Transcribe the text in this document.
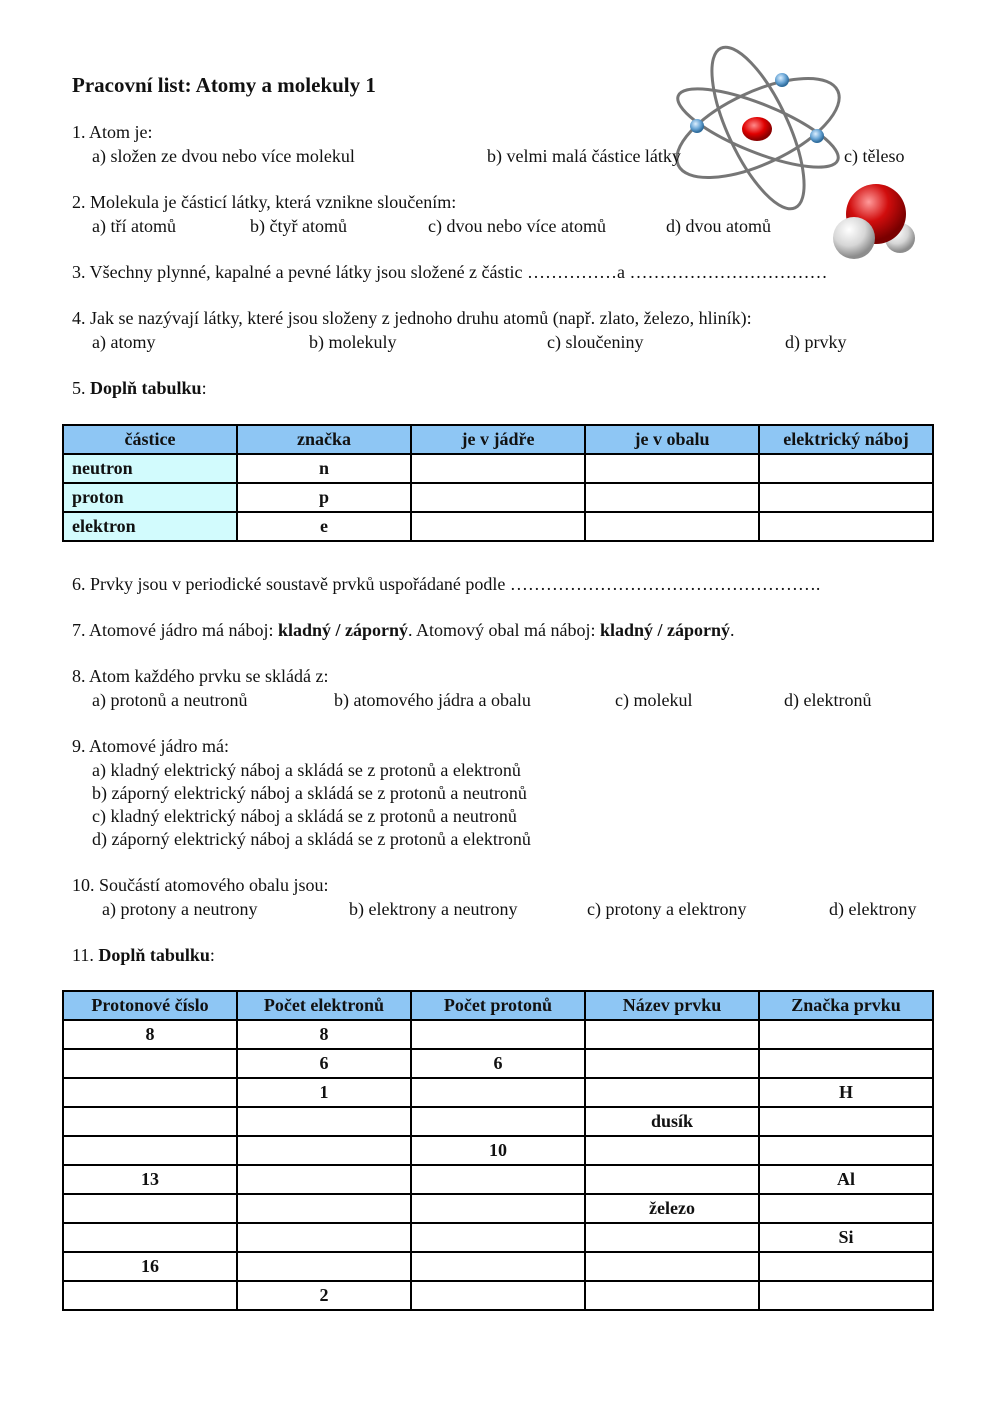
Pracovní list: Atomy a molekuly 1
1. Atom je:
a) složen ze dvou nebo více molekul	b) velmi malá částice látky	c) těleso
2. Molekula je částicí látky, která vznikne sloučením:
a) tří atomů	b) čtyř atomů	c) dvou nebo více atomů	d) dvou atomů
3. Všechny plynné, kapalné a pevné látky jsou složené z částic ……………a ……………………………
4. Jak se nazývají látky, které jsou složeny z jednoho druhu atomů (např. zlato, železo, hliník):
a) atomy	b) molekuly	c) sloučeniny	d) prvky
5. Doplň tabulku:
částice	značka	je v jádře	je v obalu	elektrický náboj
neutron	n			
proton	p			
elektron	e			
6. Prvky jsou v periodické soustavě prvků uspořádané podle …………………………………………….
7. Atomové jádro má náboj: kladný / záporný. Atomový obal má náboj: kladný / záporný.
8. Atom každého prvku se skládá z:
a) protonů a neutronů	b) atomového jádra a obalu	c) molekul	d) elektronů
9. Atomové jádro má:
a) kladný elektrický náboj a skládá se z protonů a elektronů
b) záporný elektrický náboj a skládá se z protonů a neutronů
c) kladný elektrický náboj a skládá se z protonů a neutronů
d) záporný elektrický náboj a skládá se z protonů a elektronů
10. Součástí atomového obalu jsou:
a) protony a neutrony	b) elektrony a neutrony	c) protony a elektrony	d) elektrony
11. Doplň tabulku:
Protonové číslo	Počet elektronů	Počet protonů	Název prvku	Značka prvku
8	8			
	6	6		
	1			H
			dusík	
		10		
13				Al
			železo	
				Si
16				
	2			
